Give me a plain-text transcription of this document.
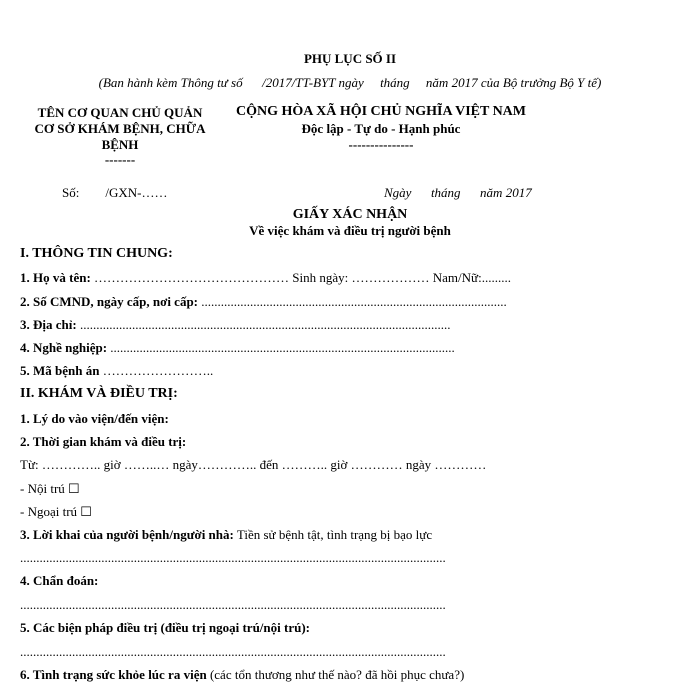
PHỤ LỤC SỐ II
(Ban hành kèm Thông tư số      /2017/TT-BYT ngày     tháng     năm 2017 của Bộ trưởng Bộ Y tế)
TÊN CƠ QUAN CHỦ QUẢN
CƠ SỞ KHÁM BỆNH, CHỮA
BỆNH
-------
CỘNG HÒA XÃ HỘI CHỦ NGHĨA VIỆT NAM
Độc lập - Tự do - Hạnh phúc
---------------
Số:        /GXN-……	Ngày      tháng      năm 2017
GIẤY XÁC NHẬN
Về việc khám và điều trị người bệnh
I. THÔNG TIN CHUNG:
1. Họ và tên: ……………………………………… Sinh ngày: ……………… Nam/Nữ:.........
2. Số CMND, ngày cấp, nơi cấp: ..............................................................................................
3. Địa chỉ: ..................................................................................................................
4. Nghề nghiệp: ..........................................................................................................
5. Mã bệnh án ……………………..
II. KHÁM VÀ ĐIỀU TRỊ:
1. Lý do vào viện/đến viện:
2. Thời gian khám và điều trị:
Từ: ………….. giờ ……..… ngày………….. đến ……….. giờ ………… ngày …………
- Nội trú ☐
- Ngoại trú ☐
3. Lời khai của người bệnh/người nhà: Tiền sử bệnh tật, tình trạng bị bạo lực
...................................................................................................................................
4. Chẩn đoán:
...................................................................................................................................
5. Các biện pháp điều trị (điều trị ngoại trú/nội trú):
...................................................................................................................................
6. Tình trạng sức khỏe lúc ra viện (các tổn thương như thế nào? đã hồi phục chưa?)
